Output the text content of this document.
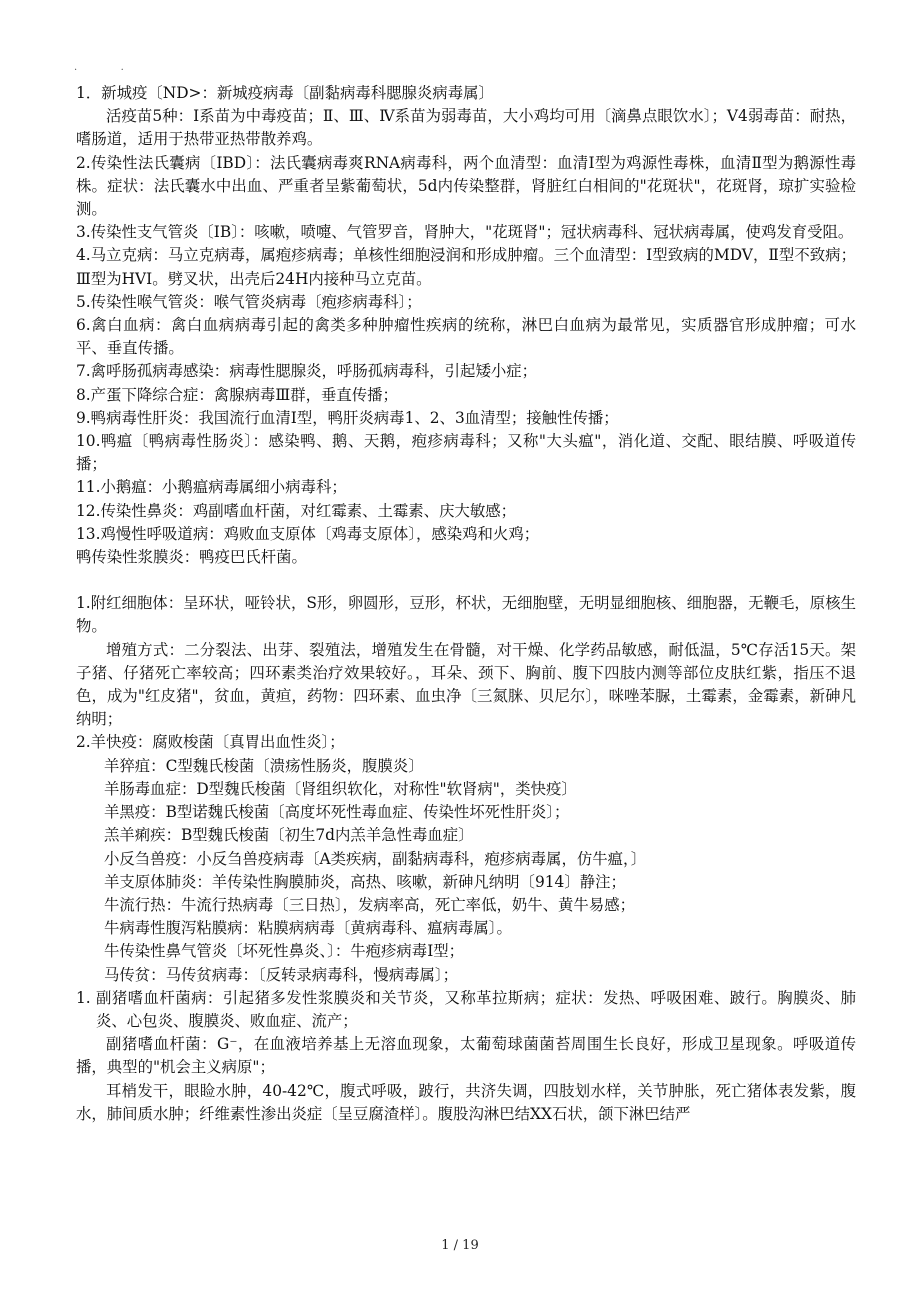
.        .

1．新城疫〔ND>：新城疫病毒〔副黏病毒科腮腺炎病毒属〕

活疫苗5种：Ⅰ系苗为中毒疫苗；Ⅱ、Ⅲ、Ⅳ系苗为弱毒苗，大小鸡均可用〔滴鼻点眼饮水〕；V4弱毒苗：耐热，嗜肠道，适用于热带亚热带散养鸡。

2.传染性法氏囊病〔IBD〕：法氏囊病毒爽RNA病毒科，两个血清型：血清Ⅰ型为鸡源性毒株，血清Ⅱ型为鹅源性毒株。症状：法氏囊水中出血、严重者呈紫葡萄状，5d内传染整群，肾脏红白相间的"花斑状"，花斑肾，琼扩实验检测。

3.传染性支气管炎〔IB〕：咳嗽，喷嚏、气管罗音，肾肿大，"花斑肾"；冠状病毒科、冠状病毒属，使鸡发育受阻。

4.马立克病：马立克病毒，属疱疹病毒；单核性细胞浸润和形成肿瘤。三个血清型：Ⅰ型致病的MDV，Ⅱ型不致病；Ⅲ型为HVI。劈叉状，出壳后24H内接种马立克苗。

5.传染性喉气管炎：喉气管炎病毒〔疱疹病毒科〕；

6.禽白血病：禽白血病病毒引起的禽类多种肿瘤性疾病的统称，淋巴白血病为最常见，实质器官形成肿瘤；可水平、垂直传播。

7.禽呼肠孤病毒感染：病毒性腮腺炎，呼肠孤病毒科，引起矮小症；

8.产蛋下降综合症：禽腺病毒Ⅲ群，垂直传播；

9.鸭病毒性肝炎：我国流行血清Ⅰ型，鸭肝炎病毒1、2、3血清型；接触性传播；

10.鸭瘟〔鸭病毒性肠炎〕：感染鸭、鹅、天鹅，疱疹病毒科；又称"大头瘟"，消化道、交配、眼结膜、呼吸道传播；

11.小鹅瘟：小鹅瘟病毒属细小病毒科；

12.传染性鼻炎：鸡副嗜血杆菌，对红霉素、土霉素、庆大敏感；

13.鸡慢性呼吸道病：鸡败血支原体〔鸡毒支原体〕，感染鸡和火鸡；

鸭传染性浆膜炎：鸭疫巴氏杆菌。

1.附红细胞体：呈环状，哑铃状，S形，卵圆形，豆形，杯状，无细胞壁，无明显细胞核、细胞器，无鞭毛，原核生物。

增殖方式：二分裂法、出芽、裂殖法，增殖发生在骨髓，对干燥、化学药品敏感，耐低温，5℃存活15天。架子猪、仔猪死亡率较高；四环素类治疗效果较好。，耳朵、颈下、胸前、腹下四肢内测等部位皮肤红紫，指压不退色，成为"红皮猪"，贫血，黄疸，药物：四环素、血虫净〔三氮脒、贝尼尔〕，咪唑苯脲，土霉素，金霉素，新砷凡纳明；

2.羊快疫：腐败梭菌〔真胃出血性炎〕；

羊猝疽：C型魏氏梭菌〔溃疡性肠炎，腹膜炎〕

羊肠毒血症：D型魏氏梭菌〔肾组织软化，对称性"软肾病"，类快疫〕

羊黑疫：B型诺魏氏梭菌〔高度坏死性毒血症、传染性坏死性肝炎〕；

羔羊痢疾：B型魏氏梭菌〔初生7d内羔羊急性毒血症〕

小反刍兽疫：小反刍兽疫病毒〔A类疾病，副黏病毒科，疱疹病毒属，仿牛瘟，〕

羊支原体肺炎：羊传染性胸膜肺炎，高热、咳嗽，新砷凡纳明〔914〕静注；

牛流行热：牛流行热病毒〔三日热〕，发病率高，死亡率低，奶牛、黄牛易感；

牛病毒性腹泻粘膜病：粘膜病病毒〔黄病毒科、瘟病毒属〕。

牛传染性鼻气管炎〔坏死性鼻炎、〕：牛疱疹病毒Ⅰ型；

马传贫：马传贫病毒：〔反转录病毒科，慢病毒属〕；

1. 副猪嗜血杆菌病：引起猪多发性浆膜炎和关节炎，又称革拉斯病；症状：发热、呼吸困难、跛行。胸膜炎、肺炎、心包炎、腹膜炎、败血症、流产；

副猪嗜血杆菌：G⁻，在血液培养基上无溶血现象，太葡萄球菌菌苔周围生长良好，形成卫星现象。呼吸道传播，典型的"机会主义病原"；

耳梢发干，眼睑水肿，40-42℃，腹式呼吸，跛行，共济失调，四肢划水样，关节肿胀，死亡猪体表发紫，腹水，肺间质水肿；纤维素性渗出炎症〔呈豆腐渣样〕。腹股沟淋巴结XX石状，颌下淋巴结严

1 / 19
